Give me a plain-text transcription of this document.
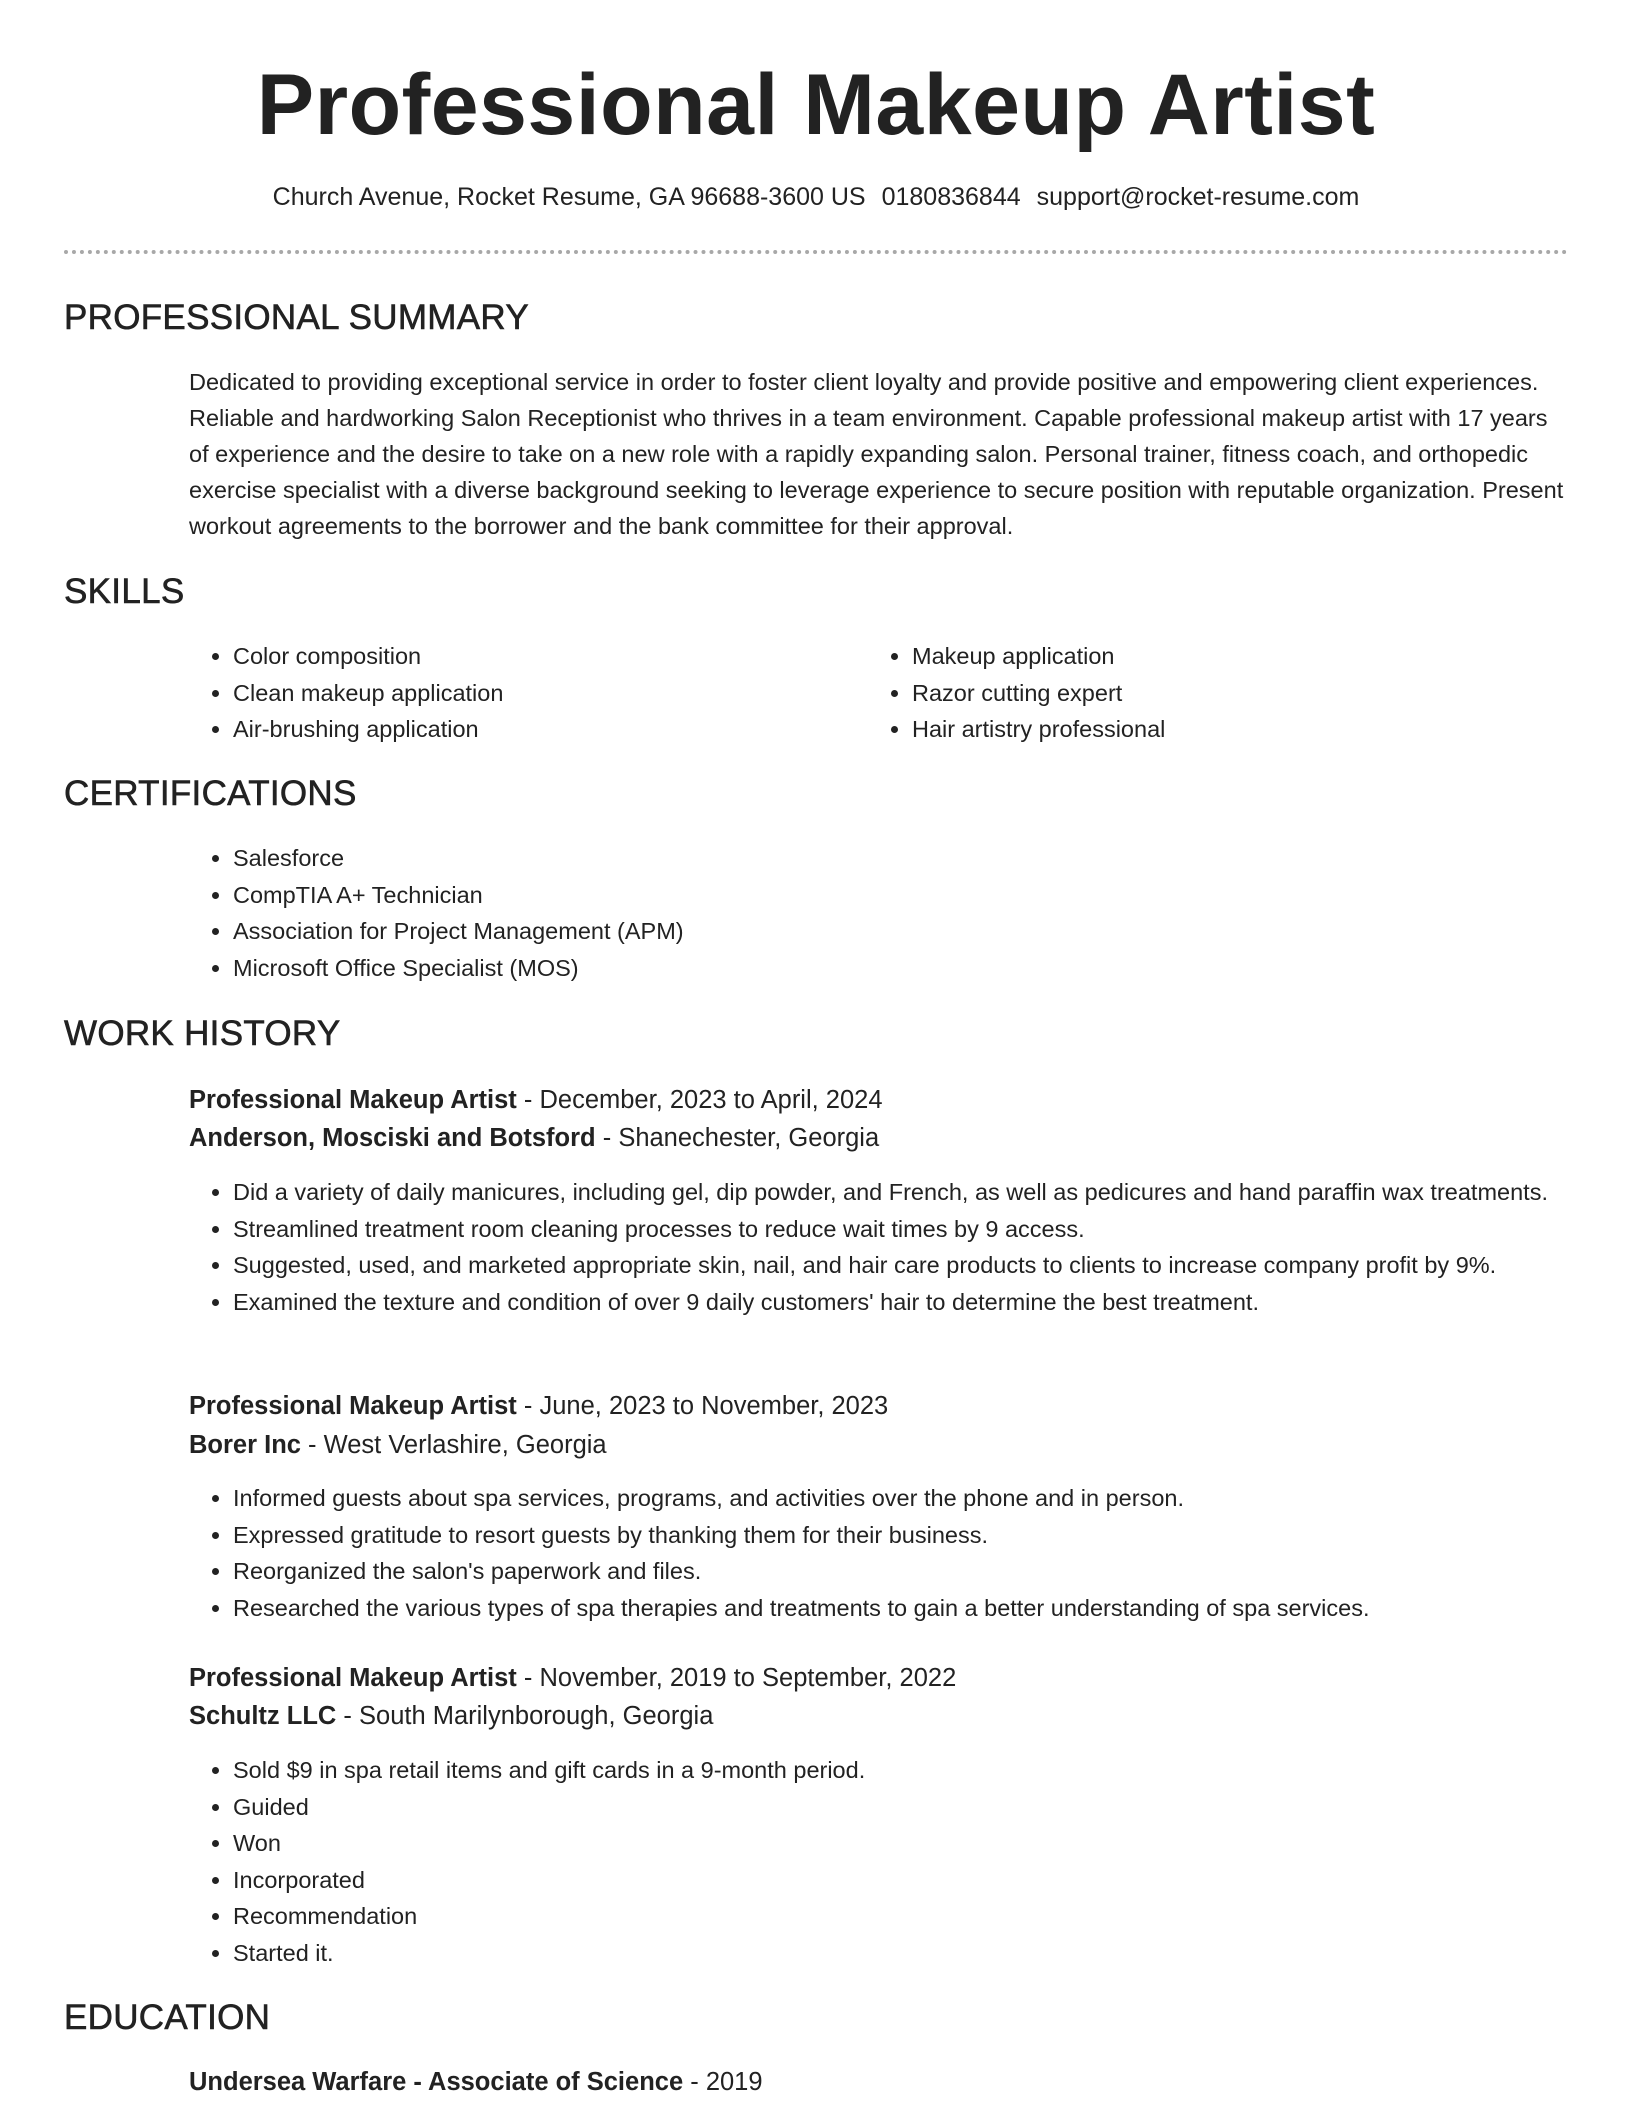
Professional Makeup Artist
Church Avenue, Rocket Resume, GA 96688-3600 US 0180836844 support@rocket-resume.com
PROFESSIONAL SUMMARY

Dedicated to providing exceptional service in order to foster client loyalty and provide positive and empowering client experiences. Reliable and hardworking Salon Receptionist who thrives in a team environment. Capable professional makeup artist with 17 years of experience and the desire to take on a new role with a rapidly expanding salon. Personal trainer, fitness coach, and orthopedic exercise specialist with a diverse background seeking to leverage experience to secure position with reputable organization. Present workout agreements to the borrower and the bank committee for their approval.

SKILLS
• Color composition
• Clean makeup application
• Air-brushing application
• Makeup application
• Razor cutting expert
• Hair artistry professional
CERTIFICATIONS
• Salesforce
• CompTIA A+ Technician
• Association for Project Management (APM)
• Microsoft Office Specialist (MOS)
WORK HISTORY
Professional Makeup Artist - December, 2023 to April, 2024
Anderson, Mosciski and Botsford - Shanechester, Georgia
• Did a variety of daily manicures, including gel, dip powder, and French, as well as pedicures and hand paraffin wax treatments.
• Streamlined treatment room cleaning processes to reduce wait times by 9 access.
• Suggested, used, and marketed appropriate skin, nail, and hair care products to clients to increase company profit by 9%.
• Examined the texture and condition of over 9 daily customers' hair to determine the best treatment.
Professional Makeup Artist - June, 2023 to November, 2023
Borer Inc - West Verlashire, Georgia
• Informed guests about spa services, programs, and activities over the phone and in person.
• Expressed gratitude to resort guests by thanking them for their business.
• Reorganized the salon's paperwork and files.
• Researched the various types of spa therapies and treatments to gain a better understanding of spa services.
Professional Makeup Artist - November, 2019 to September, 2022
Schultz LLC - South Marilynborough, Georgia
• Sold $9 in spa retail items and gift cards in a 9-month period.
• Guided
• Won
• Incorporated
• Recommendation
• Started it.
EDUCATION
Undersea Warfare - Associate of Science - 2019
